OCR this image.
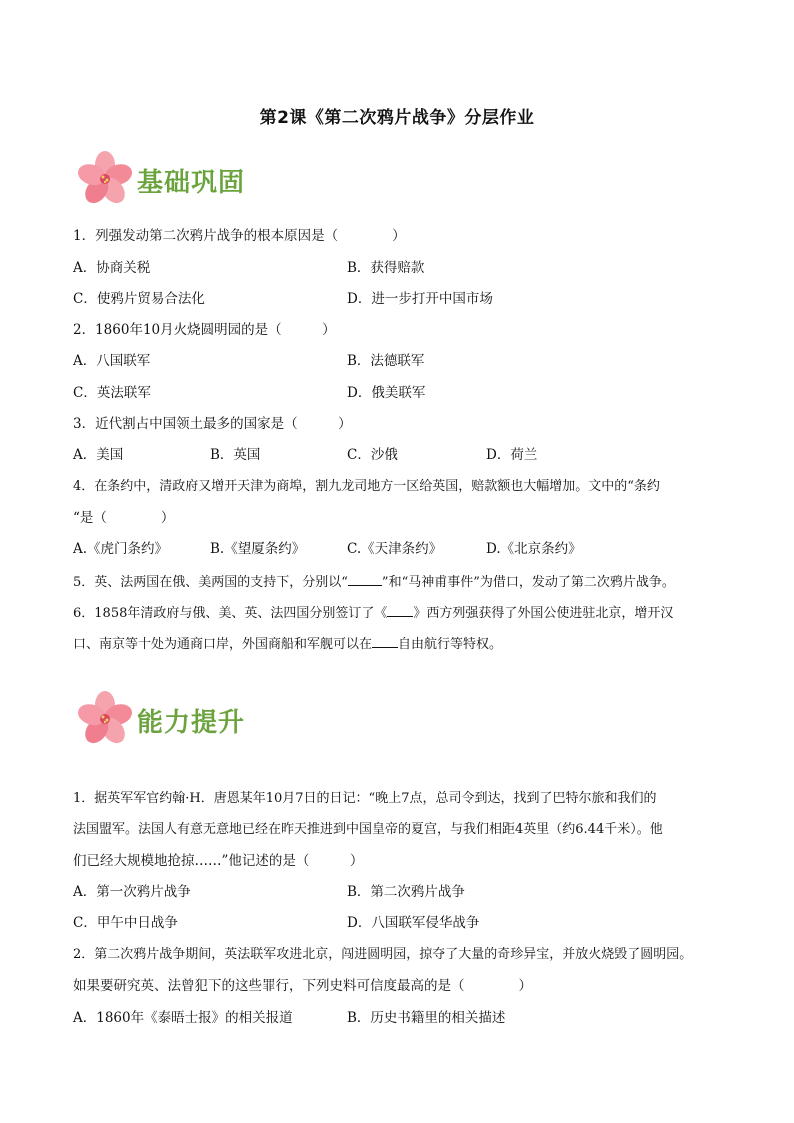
第2课《第二次鸦片战争》分层作业
基础巩固
1．列强发动第二次鸦片战争的根本原因是（　　　　）
A．协商关税	B．获得赔款
C．使鸦片贸易合法化	D．进一步打开中国市场
2．1860年10月火烧圆明园的是（　　　）
A．八国联军	B．法德联军
C．英法联军	D．俄美联军
3．近代割占中国领土最多的国家是（　　　）
A．美国	B．英国	C．沙俄	D．荷兰
4．在条约中，清政府又增开天津为商埠，割九龙司地方一区给英国，赔款额也大幅增加。文中的“条约
“是（　　　　）
A.《虎门条约》	B.《望厦条约》	C.《天津条约》	D.《北京条约》
5．英、法两国在俄、美两国的支持下，分别以“	”和“马神甫事件”为借口，发动了第二次鸦片战争。
6．1858年清政府与俄、美、英、法四国分别签订了《 》西方列强获得了外国公使进驻北京，增开汉
口、南京等十处为通商口岸，外国商船和军舰可以在 自由航行等特权。
能力提升
1．据英军军官约翰·H．唐恩某年10月7日的日记：“晚上7点，总司令到达，找到了巴特尔旅和我们的
法国盟军。法国人有意无意地已经在昨天推进到中国皇帝的夏宫，与我们相距4英里（约6.44千米）。他
们已经大规模地抢掠……”他记述的是（　　　）
A．第一次鸦片战争	B．第二次鸦片战争
C．甲午中日战争	D．八国联军侵华战争
2．第二次鸦片战争期间，英法联军攻进北京，闯进圆明园，掠夺了大量的奇珍异宝，并放火烧毁了圆明园。
如果要研究英、法曾犯下的这些罪行，下列史料可信度最高的是（　　　　）
A．1860年《泰晤士报》的相关报道	B．历史书籍里的相关描述
